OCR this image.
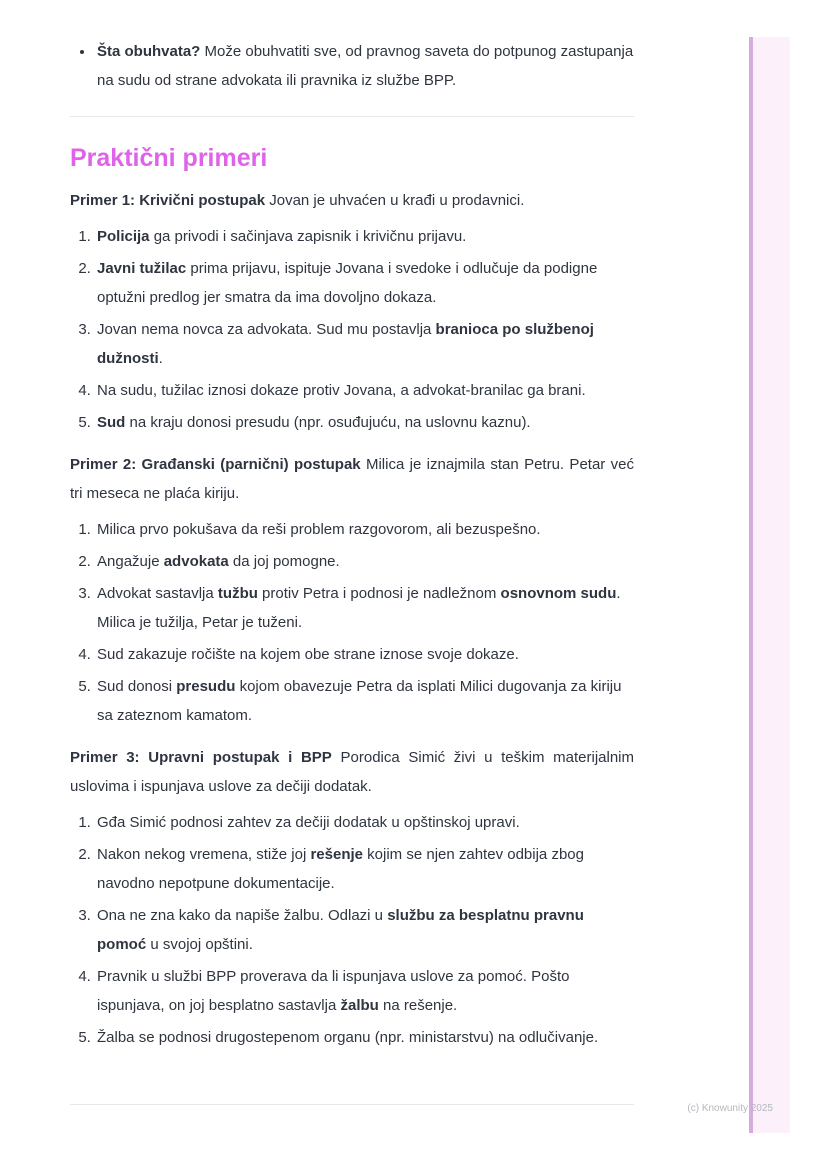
• Šta obuhvata? Može obuhvatiti sve, od pravnog saveta do potpunog zastupanja na sudu od strane advokata ili pravnika iz službe BPP.
Praktični primeri

Primer 1: Krivični postupak Jovan je uhvaćen u krađi u prodavnici.

1. Policija ga privodi i sačinjava zapisnik i krivičnu prijavu.
2. Javni tužilac prima prijavu, ispituje Jovana i svedoke i odlučuje da podigne optužni predlog jer smatra da ima dovoljno dokaza.
3. Jovan nema novca za advokata. Sud mu postavlja branioca po službenoj dužnosti.
4. Na sudu, tužilac iznosi dokaze protiv Jovana, a advokat-branilac ga brani.
5. Sud na kraju donosi presudu (npr. osuđujuću, na uslovnu kaznu).

Primer 2: Građanski (parnični) postupak Milica je iznajmila stan Petru. Petar već tri meseca ne plaća kiriju.

1. Milica prvo pokušava da reši problem razgovorom, ali bezuspešno.
2. Angažuje advokata da joj pomogne.
3. Advokat sastavlja tužbu protiv Petra i podnosi je nadležnom osnovnom sudu. Milica je tužilja, Petar je tuženi.
4. Sud zakazuje ročište na kojem obe strane iznose svoje dokaze.
5. Sud donosi presudu kojom obavezuje Petra da isplati Milici dugovanja za kiriju sa zateznom kamatom.

Primer 3: Upravni postupak i BPP Porodica Simić živi u teškim materijalnim uslovima i ispunjava uslove za dečiji dodatak.

1. Gđa Simić podnosi zahtev za dečiji dodatak u opštinskoj upravi.
2. Nakon nekog vremena, stiže joj rešenje kojim se njen zahtev odbija zbog navodno nepotpune dokumentacije.
3. Ona ne zna kako da napiše žalbu. Odlazi u službu za besplatnu pravnu pomoć u svojoj opštini.
4. Pravnik u službi BPP proverava da li ispunjava uslove za pomoć. Pošto ispunjava, on joj besplatno sastavlja žalbu na rešenje.
5. Žalba se podnosi drugostepenom organu (npr. ministarstvu) na odlučivanje.
(c) Knowunity 2025
